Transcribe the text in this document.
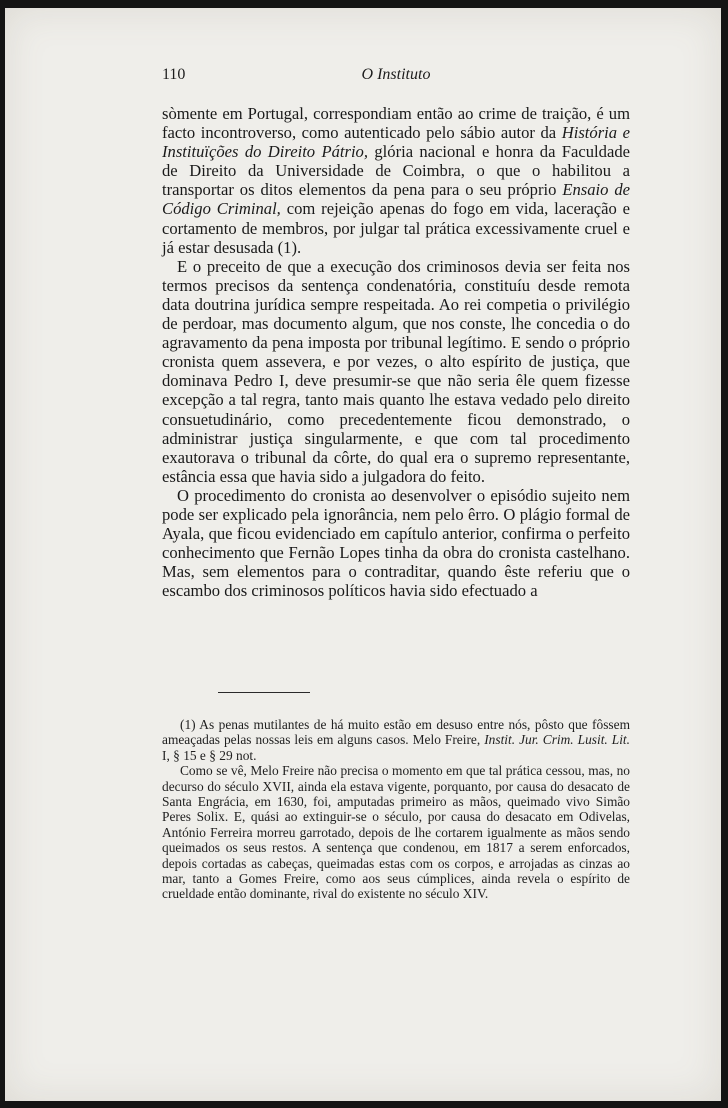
110	O Instituto

sòmente em Portugal, correspondiam então ao crime de traição, é um facto incontroverso, como autenticado pelo sábio autor da História e Instituïções do Direito Pátrio, glória nacional e honra da Faculdade de Direito da Universidade de Coimbra, o que o habilitou a transportar os ditos elementos da pena para o seu próprio Ensaio de Código Criminal, com rejeição apenas do fogo em vida, laceração e cortamento de membros, por julgar tal prática excessivamente cruel e já estar desusada (1).

E o preceito de que a execução dos criminosos devia ser feita nos termos precisos da sentença condenatória, constituíu desde remota data doutrina jurídica sempre respeitada. Ao rei competia o privilégio de perdoar, mas documento algum, que nos conste, lhe concedia o do agravamento da pena imposta por tribunal legítimo. E sendo o próprio cronista quem assevera, e por vezes, o alto espírito de justiça, que dominava Pedro I, deve presumir-se que não seria êle quem fizesse excepção a tal regra, tanto mais quanto lhe estava vedado pelo direito consuetudinário, como precedentemente ficou demonstrado, o administrar justiça singularmente, e que com tal procedimento exautorava o tribunal da côrte, do qual era o supremo representante, estância essa que havia sido a julgadora do feito.

O procedimento do cronista ao desenvolver o episódio sujeito nem pode ser explicado pela ignorância, nem pelo êrro. O plágio formal de Ayala, que ficou evidenciado em capítulo anterior, confirma o perfeito conhecimento que Fernão Lopes tinha da obra do cronista castelhano. Mas, sem elementos para o contraditar, quando êste referiu que o escambo dos criminosos políticos havia sido efectuado a

(1) As penas mutilantes de há muito estão em desuso entre nós, pôsto que fôssem ameaçadas pelas nossas leis em alguns casos. Melo Freire, Instit. Jur. Crim. Lusit. Lit. I, § 15 e § 29 not.

Como se vê, Melo Freire não precisa o momento em que tal prática cessou, mas, no decurso do século XVII, ainda ela estava vigente, porquanto, por causa do desacato de Santa Engrácia, em 1630, foi, amputadas primeiro as mãos, queimado vivo Simão Peres Solix. E, quási ao extinguir-se o século, por causa do desacato em Odivelas, António Ferreira morreu garrotado, depois de lhe cortarem igualmente as mãos sendo queimados os seus restos. A sentença que condenou, em 1817 a serem enforcados, depois cortadas as cabeças, queimadas estas com os corpos, e arrojadas as cinzas ao mar, tanto a Gomes Freire, como aos seus cúmplices, ainda revela o espírito de crueldade então dominante, rival do existente no século XIV.
